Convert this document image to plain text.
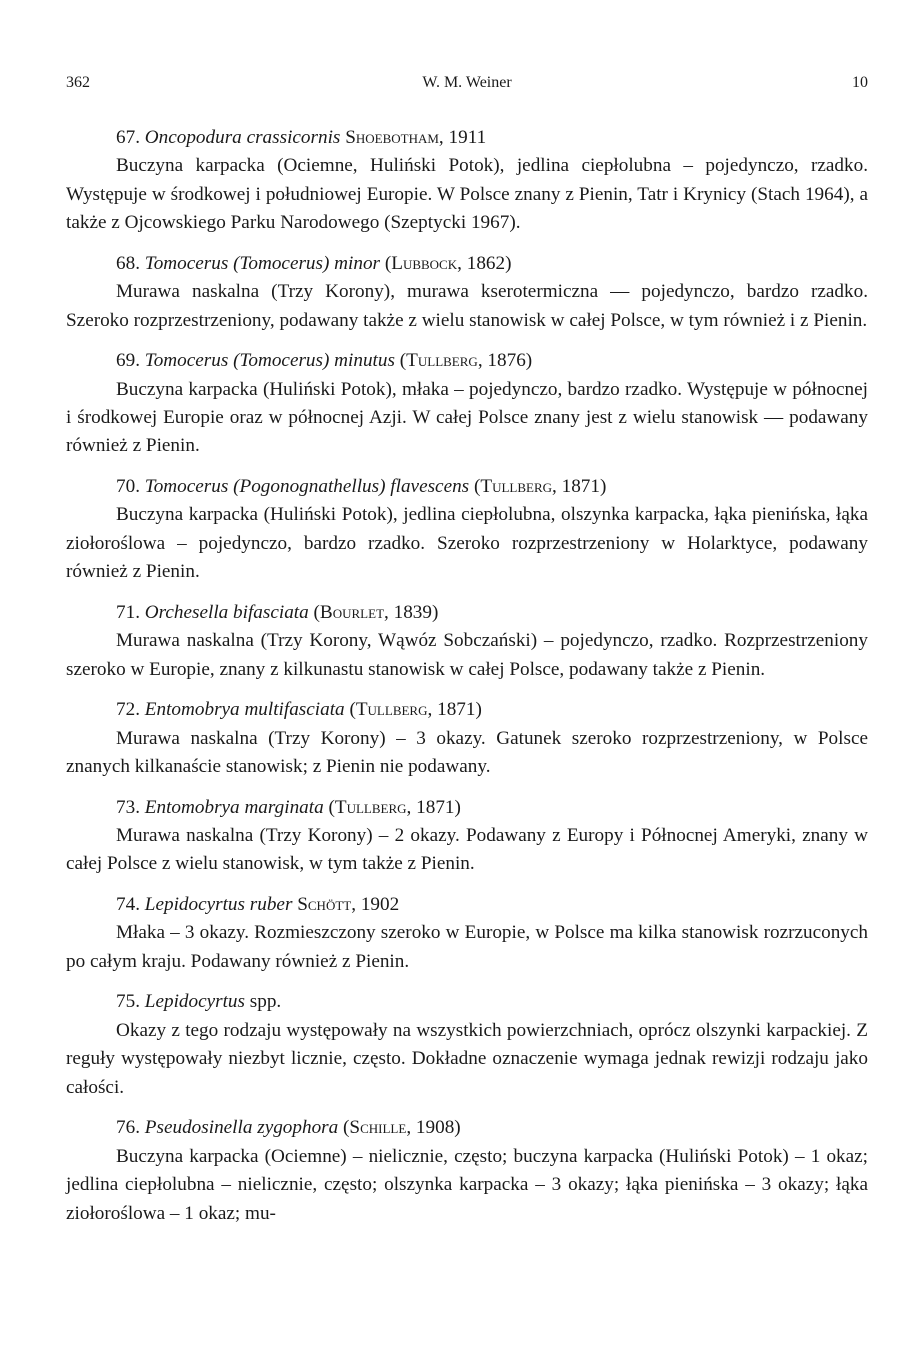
362	W. M. Weiner	10
67. Oncopodura crassicornis Shoebotham, 1911
Buczyna karpacka (Ociemne, Huliński Potok), jedlina ciepłolubna – pojedynczo, rzadko. Występuje w środkowej i południowej Europie. W Polsce znany z Pienin, Tatr i Krynicy (Stach 1964), a także z Ojcowskiego Parku Narodowego (Szeptycki 1967).
68. Tomocerus (Tomocerus) minor (Lubbock, 1862)
Murawa naskalna (Trzy Korony), murawa kserotermiczna — pojedynczo, bardzo rzadko. Szeroko rozprzestrzeniony, podawany także z wielu stanowisk w całej Polsce, w tym również i z Pienin.
69. Tomocerus (Tomocerus) minutus (Tullberg, 1876)
Buczyna karpacka (Huliński Potok), młaka – pojedynczo, bardzo rzadko. Występuje w północnej i środkowej Europie oraz w północnej Azji. W całej Polsce znany jest z wielu stanowisk — podawany również z Pienin.
70. Tomocerus (Pogonognathellus) flavescens (Tullberg, 1871)
Buczyna karpacka (Huliński Potok), jedlina ciepłolubna, olszynka karpacka, łąka pienińska, łąka ziołoroślowa – pojedynczo, bardzo rzadko. Szeroko rozprzestrzeniony w Holarktyce, podawany również z Pienin.
71. Orchesella bifasciata (Bourlet, 1839)
Murawa naskalna (Trzy Korony, Wąwóz Sobczański) – pojedynczo, rzadko. Rozprzestrzeniony szeroko w Europie, znany z kilkunastu stanowisk w całej Polsce, podawany także z Pienin.
72. Entomobrya multifasciata (Tullberg, 1871)
Murawa naskalna (Trzy Korony) – 3 okazy. Gatunek szeroko rozprzestrzeniony, w Polsce znanych kilkanaście stanowisk; z Pienin nie podawany.
73. Entomobrya marginata (Tullberg, 1871)
Murawa naskalna (Trzy Korony) – 2 okazy. Podawany z Europy i Północnej Ameryki, znany w całej Polsce z wielu stanowisk, w tym także z Pienin.
74. Lepidocyrtus ruber Schött, 1902
Młaka – 3 okazy. Rozmieszczony szeroko w Europie, w Polsce ma kilka stanowisk rozrzuconych po całym kraju. Podawany również z Pienin.
75. Lepidocyrtus spp.
Okazy z tego rodzaju występowały na wszystkich powierzchniach, oprócz olszynki karpackiej. Z reguły występowały niezbyt licznie, często. Dokładne oznaczenie wymaga jednak rewizji rodzaju jako całości.
76. Pseudosinella zygophora (Schille, 1908)
Buczyna karpacka (Ociemne) – nielicznie, często; buczyna karpacka (Huliński Potok) – 1 okaz; jedlina ciepłolubna – nielicznie, często; olszynka karpacka – 3 okazy; łąka pienińska – 3 okazy; łąka ziołoroślowa – 1 okaz; mu-
